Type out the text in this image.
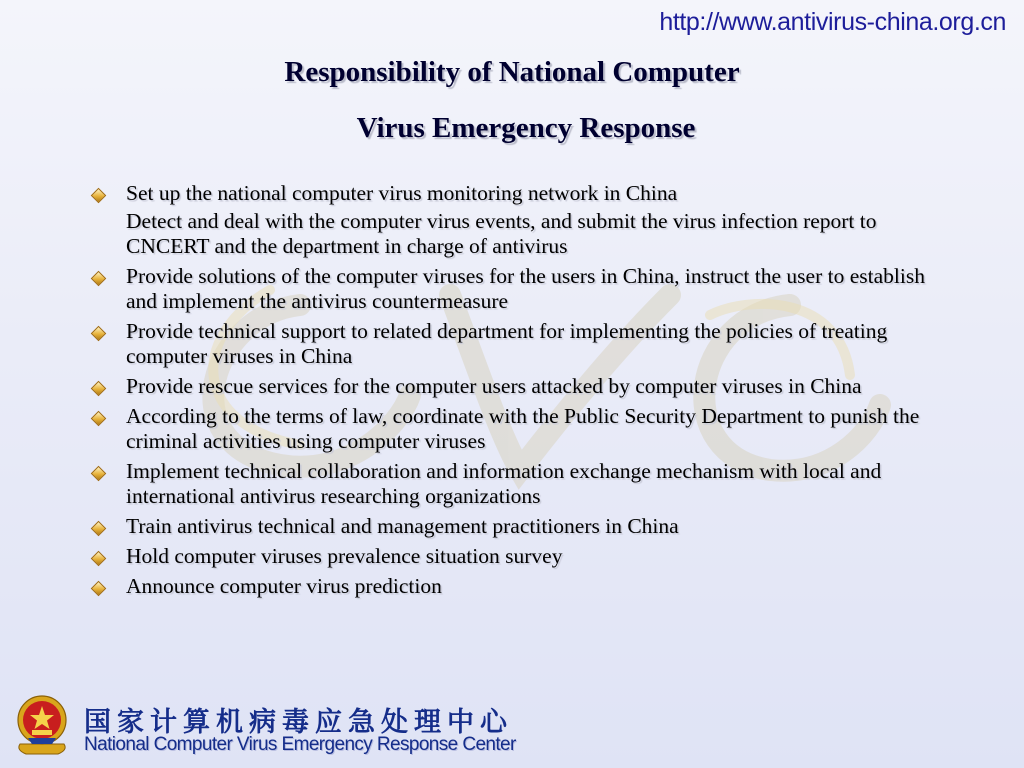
http://www.antivirus-china.org.cn
Responsibility of National Computer
Virus Emergency Response
Set up the national computer virus monitoring network in China
Detect and deal with the computer virus events, and submit the virus infection report to CNCERT and the department in charge of antivirus
Provide solutions of the computer viruses for the users in China, instruct the user to establish and implement the antivirus countermeasure
Provide technical support to related department for implementing the policies of treating computer viruses in China
Provide rescue services for the computer users attacked by computer viruses in China
According to the terms of law, coordinate with the Public Security Department to punish the criminal activities using computer viruses
Implement technical collaboration and information exchange mechanism with local and international antivirus researching organizations
Train antivirus technical and management practitioners in China
Hold computer viruses prevalence situation survey
Announce computer virus prediction
国家计算机病毒应急处理中心
National Computer Virus Emergency Response Center
